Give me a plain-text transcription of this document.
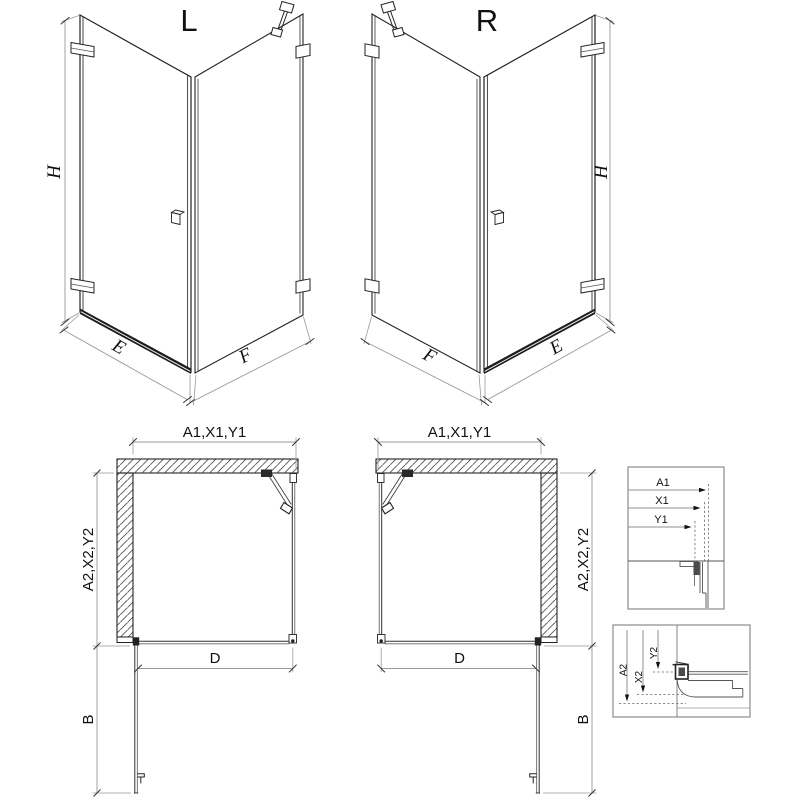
L
H
E	F
R
H
E
F
A1,X1,Y1
A2,X2,Y2
D
B
A1,X1,Y1
A2,X2,Y2
D
B
A1
X1
Y1
A2
X2
Y2
